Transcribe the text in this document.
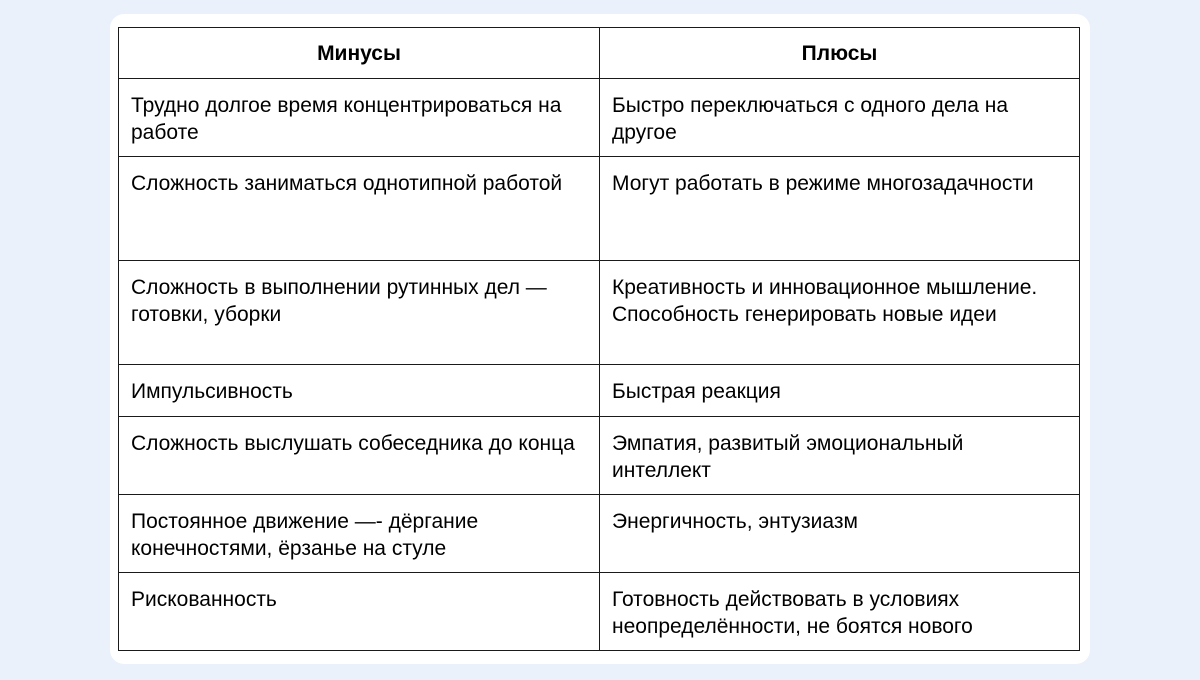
Минусы	Плюсы
Трудно долгое время концентрироваться на работе	Быстро переключаться с одного дела на другое
Сложность заниматься однотипной работой	Могут работать в режиме многозадачности
Сложность в выполнении рутинных дел — готовки, уборки	Креативность и инновационное мышление. Способность генерировать новые идеи
Импульсивность	Быстрая реакция
Сложность выслушать собеседника до конца	Эмпатия, развитый эмоциональный интеллект
Постоянное движение —- дёргание конечностями, ёрзанье на стуле	Энергичность, энтузиазм
Рискованность	Готовность действовать в условиях неопределённости, не боятся нового
